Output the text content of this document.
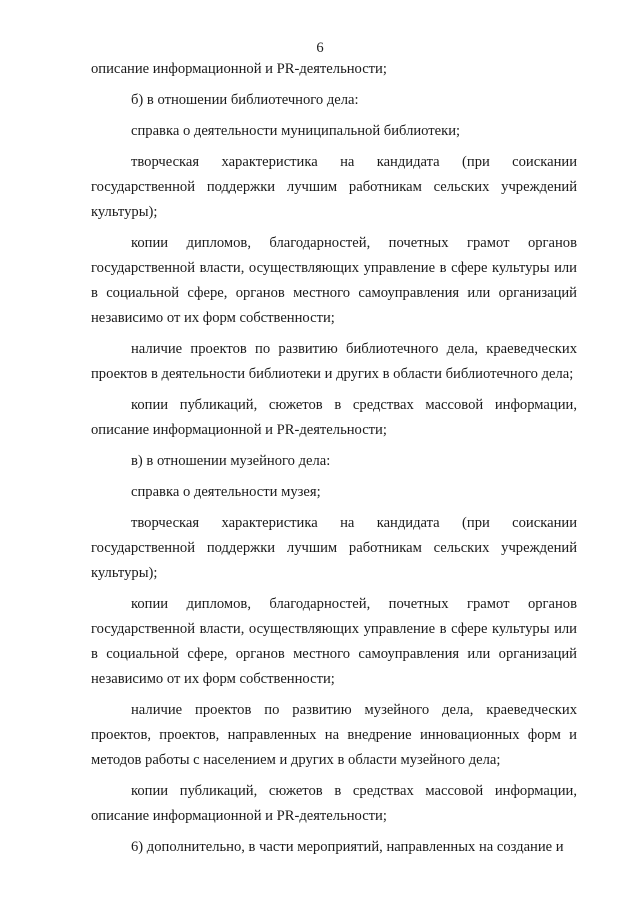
6

описание информационной и PR-деятельности;

б) в отношении библиотечного дела:

справка о деятельности муниципальной библиотеки;

творческая характеристика на кандидата (при соискании государственной поддержки лучшим работникам сельских учреждений культуры);

копии дипломов, благодарностей, почетных грамот органов государственной власти, осуществляющих управление в сфере культуры или в социальной сфере, органов местного самоуправления или организаций независимо от их форм собственности;

наличие проектов по развитию библиотечного дела, краеведческих проектов в деятельности библиотеки и других в области библиотечного дела;

копии публикаций, сюжетов в средствах массовой информации, описание информационной и PR-деятельности;

в) в отношении музейного дела:

справка о деятельности музея;

творческая характеристика на кандидата (при соискании государственной поддержки лучшим работникам сельских учреждений культуры);

копии дипломов, благодарностей, почетных грамот органов государственной власти, осуществляющих управление в сфере культуры или в социальной сфере, органов местного самоуправления или организаций независимо от их форм собственности;

наличие проектов по развитию музейного дела, краеведческих проектов, проектов, направленных на внедрение инновационных форм и методов работы с населением и других в области музейного дела;

копии публикаций, сюжетов в средствах массовой информации, описание информационной и PR-деятельности;

6) дополнительно, в части мероприятий, направленных на создание и
